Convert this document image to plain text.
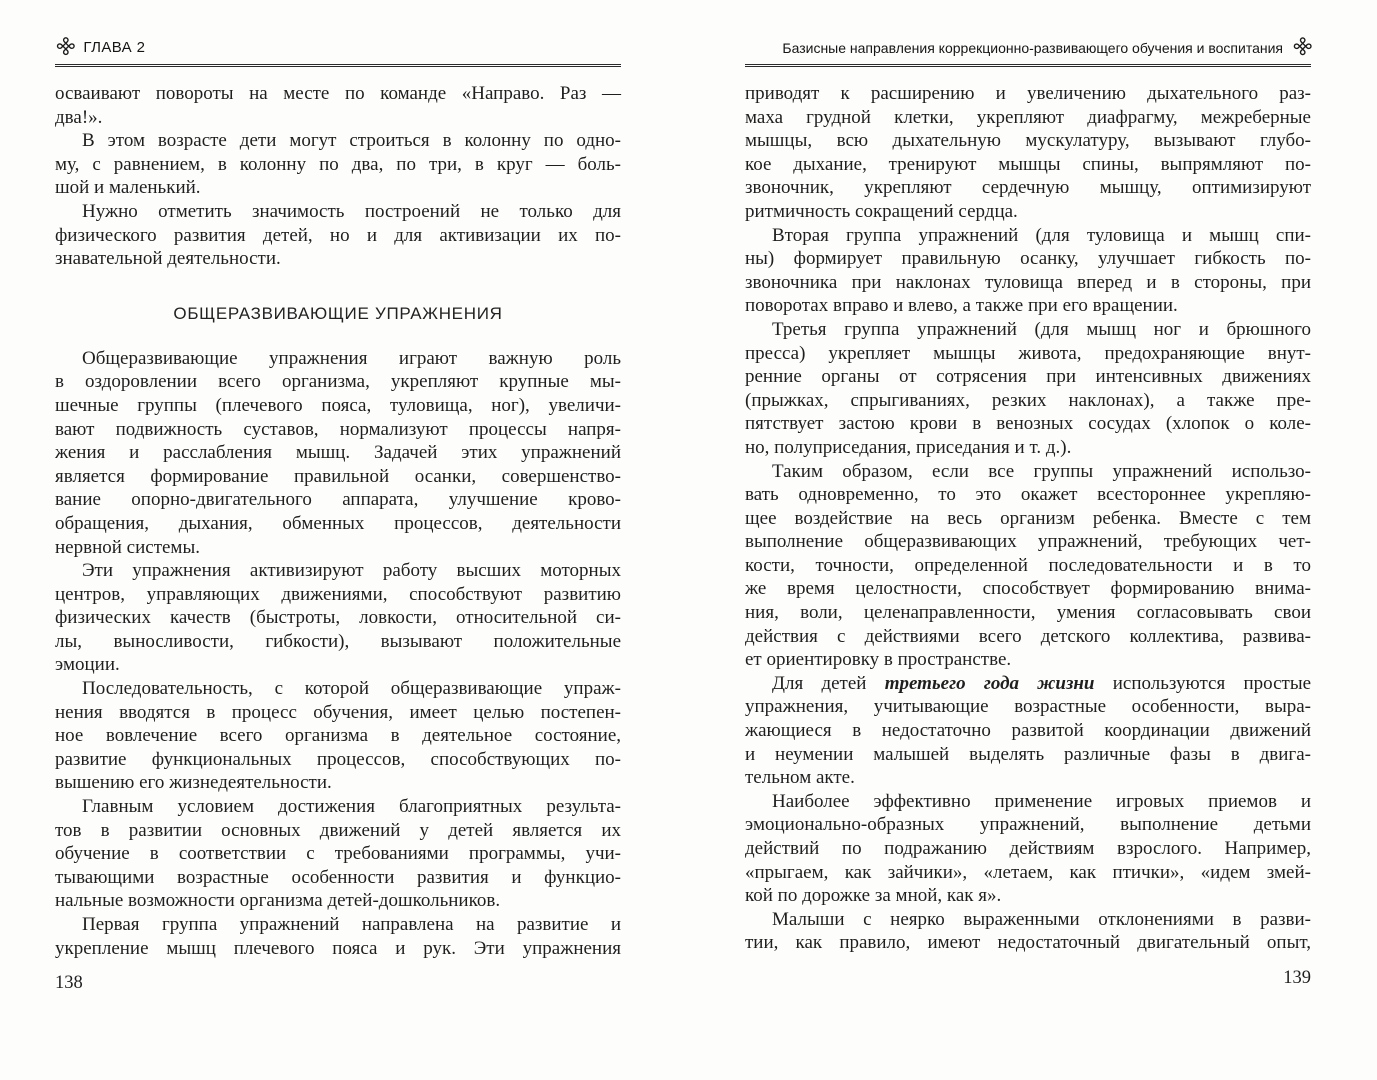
⌘ ГЛАВА 2
осваивают повороты на месте по команде «Направо. Раз —
два!».
В этом возрасте дети могут строиться в колонну по одно-
му, с равнением, в колонну по два, по три, в круг — боль-
шой и маленький.
Нужно отметить значимость построений не только для
физического развития детей, но и для активизации их по-
знавательной деятельности.
ОБЩЕРАЗВИВАЮЩИЕ УПРАЖНЕНИЯ
Общеразвивающие упражнения играют важную роль
в оздоровлении всего организма, укрепляют крупные мы-
шечные группы (плечевого пояса, туловища, ног), увеличи-
вают подвижность суставов, нормализуют процессы напря-
жения и расслабления мышц. Задачей этих упражнений
является формирование правильной осанки, совершенство-
вание опорно-двигательного аппарата, улучшение крово-
обращения, дыхания, обменных процессов, деятельности
нервной системы.
Эти упражнения активизируют работу высших моторных
центров, управляющих движениями, способствуют развитию
физических качеств (быстроты, ловкости, относительной си-
лы, выносливости, гибкости), вызывают положительные
эмоции.
Последовательность, с которой общеразвивающие упраж-
нения вводятся в процесс обучения, имеет целью постепен-
ное вовлечение всего организма в деятельное состояние,
развитие функциональных процессов, способствующих по-
вышению его жизнедеятельности.
Главным условием достижения благоприятных результа-
тов в развитии основных движений у детей является их
обучение в соответствии с требованиями программы, учи-
тывающими возрастные особенности развития и функцио-
нальные возможности организма детей-дошкольников.
Первая группа упражнений направлена на развитие и
укрепление мышц плечевого пояса и рук. Эти упражнения
138
Базисные направления коррекционно-развивающего обучения и воспитания ⌘
приводят к расширению и увеличению дыхательного раз-
маха грудной клетки, укрепляют диафрагму, межреберные
мышцы, всю дыхательную мускулатуру, вызывают глубо-
кое дыхание, тренируют мышцы спины, выпрямляют по-
звоночник, укрепляют сердечную мышцу, оптимизируют
ритмичность сокращений сердца.
Вторая группа упражнений (для туловища и мышц спи-
ны) формирует правильную осанку, улучшает гибкость по-
звоночника при наклонах туловища вперед и в стороны, при
поворотах вправо и влево, а также при его вращении.
Третья группа упражнений (для мышц ног и брюшного
пресса) укрепляет мышцы живота, предохраняющие внут-
ренние органы от сотрясения при интенсивных движениях
(прыжках, спрыгиваниях, резких наклонах), а также пре-
пятствует застою крови в венозных сосудах (хлопок о коле-
но, полуприседания, приседания и т. д.).
Таким образом, если все группы упражнений использо-
вать одновременно, то это окажет всестороннее укрепляю-
щее воздействие на весь организм ребенка. Вместе с тем
выполнение общеразвивающих упражнений, требующих чет-
кости, точности, определенной последовательности и в то
же время целостности, способствует формированию внима-
ния, воли, целенаправленности, умения согласовывать свои
действия с действиями всего детского коллектива, развива-
ет ориентировку в пространстве.
Для детей третьего года жизни используются простые
упражнения, учитывающие возрастные особенности, выра-
жающиеся в недостаточно развитой координации движений
и неумении малышей выделять различные фазы в двига-
тельном акте.
Наиболее эффективно применение игровых приемов и
эмоционально-образных упражнений, выполнение детьми
действий по подражанию действиям взрослого. Например,
«прыгаем, как зайчики», «летаем, как птички», «идем змей-
кой по дорожке за мной, как я».
Малыши с неярко выраженными отклонениями в разви-
тии, как правило, имеют недостаточный двигательный опыт,
139
